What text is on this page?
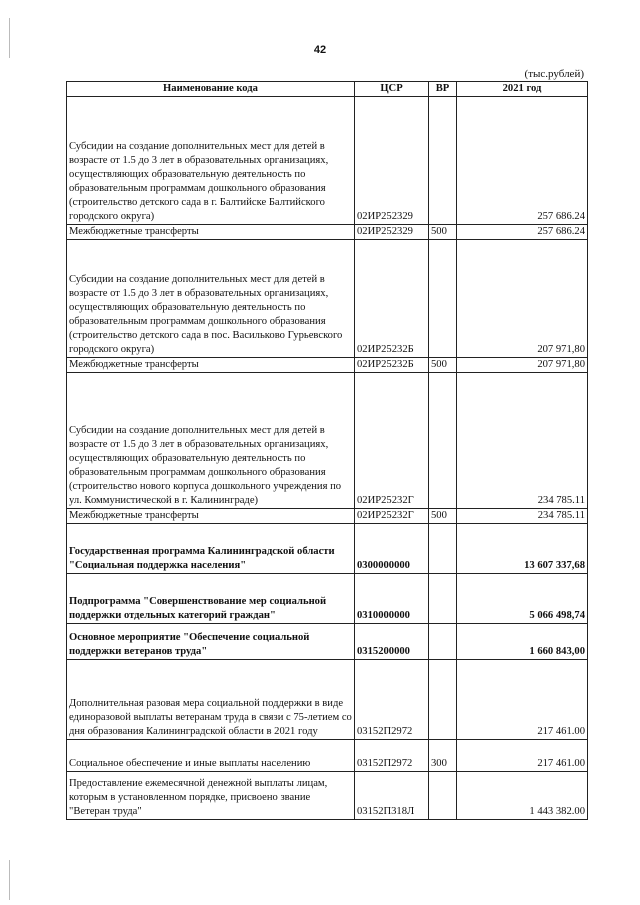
42
(тыс.рублей)
Наименование кода	ЦСР	ВР	2021 год
Субсидии на создание дополнительных мест для детей в возрасте от 1.5 до 3 лет в образовательных организациях, осуществляющих образовательную деятельность по образовательным программам дошкольного образования (строительство детского сада в г. Балтийске Балтийского городского округа)	02ИР252329		257 686.24
Межбюджетные трансферты	02ИР252329	500	257 686.24
Субсидии на создание дополнительных мест для детей в возрасте от 1.5 до 3 лет в образовательных организациях, осуществляющих образовательную деятельность по образовательным программам дошкольного образования (строительство детского сада в пос. Васильково Гурьевского городского округа)	02ИР25232Б		207 971,80
Межбюджетные трансферты	02ИР25232Б	500	207 971,80
Субсидии на создание дополнительных мест для детей в возрасте от 1.5 до 3 лет в образовательных организациях, осуществляющих образовательную деятельность по образовательным программам дошкольного образования (строительство нового корпуса дошкольного учреждения по ул. Коммунистической в г. Калининграде)	02ИР25232Г		234 785.11
Межбюджетные трансферты	02ИР25232Г	500	234 785.11
Государственная программа Калининградской области "Социальная поддержка населения"	0300000000		13 607 337,68
Подпрограмма "Совершенствование мер социальной поддержки отдельных категорий граждан"	0310000000		5 066 498,74
Основное мероприятие "Обеспечение социальной поддержки ветеранов труда"	0315200000		1 660 843,00
Дополнительная разовая мера социальной поддержки в виде единоразовой выплаты ветеранам труда в связи с 75-летием со дня образования Калининградской области в 2021 году	03152П2972		217 461.00
Социальное обеспечение и иные выплаты населению	03152П2972	300	217 461.00
Предоставление ежемесячной денежной выплаты лицам, которым в установленном порядке, присвоено звание "Ветеран труда"	03152П318Л		1 443 382.00
